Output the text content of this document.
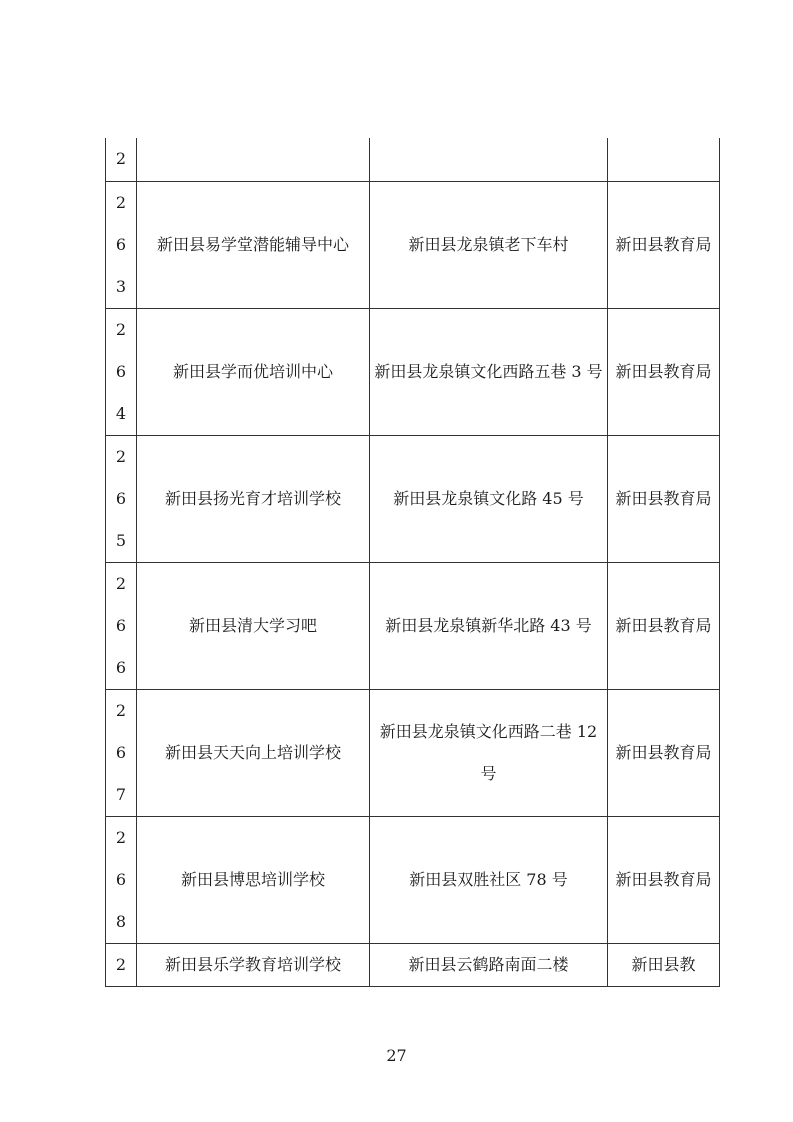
2			

2
6
3	新田县易学堂潜能辅导中心	新田县龙泉镇老下车村	新田县教育局

2
6
4	新田县学而优培训中心	新田县龙泉镇文化西路五巷 3 号	新田县教育局

2
6
5	新田县扬光育才培训学校	新田县龙泉镇文化路 45 号	新田县教育局

2
6
6	新田县清大学习吧	新田县龙泉镇新华北路 43 号	新田县教育局

2
6
7	新田县天天向上培训学校	新田县龙泉镇文化西路二巷 12 号	新田县教育局

2
6
8	新田县博思培训学校	新田县双胜社区 78 号	新田县教育局

2	新田县乐学教育培训学校	新田县云鹤路南面二楼	新田县教
27
